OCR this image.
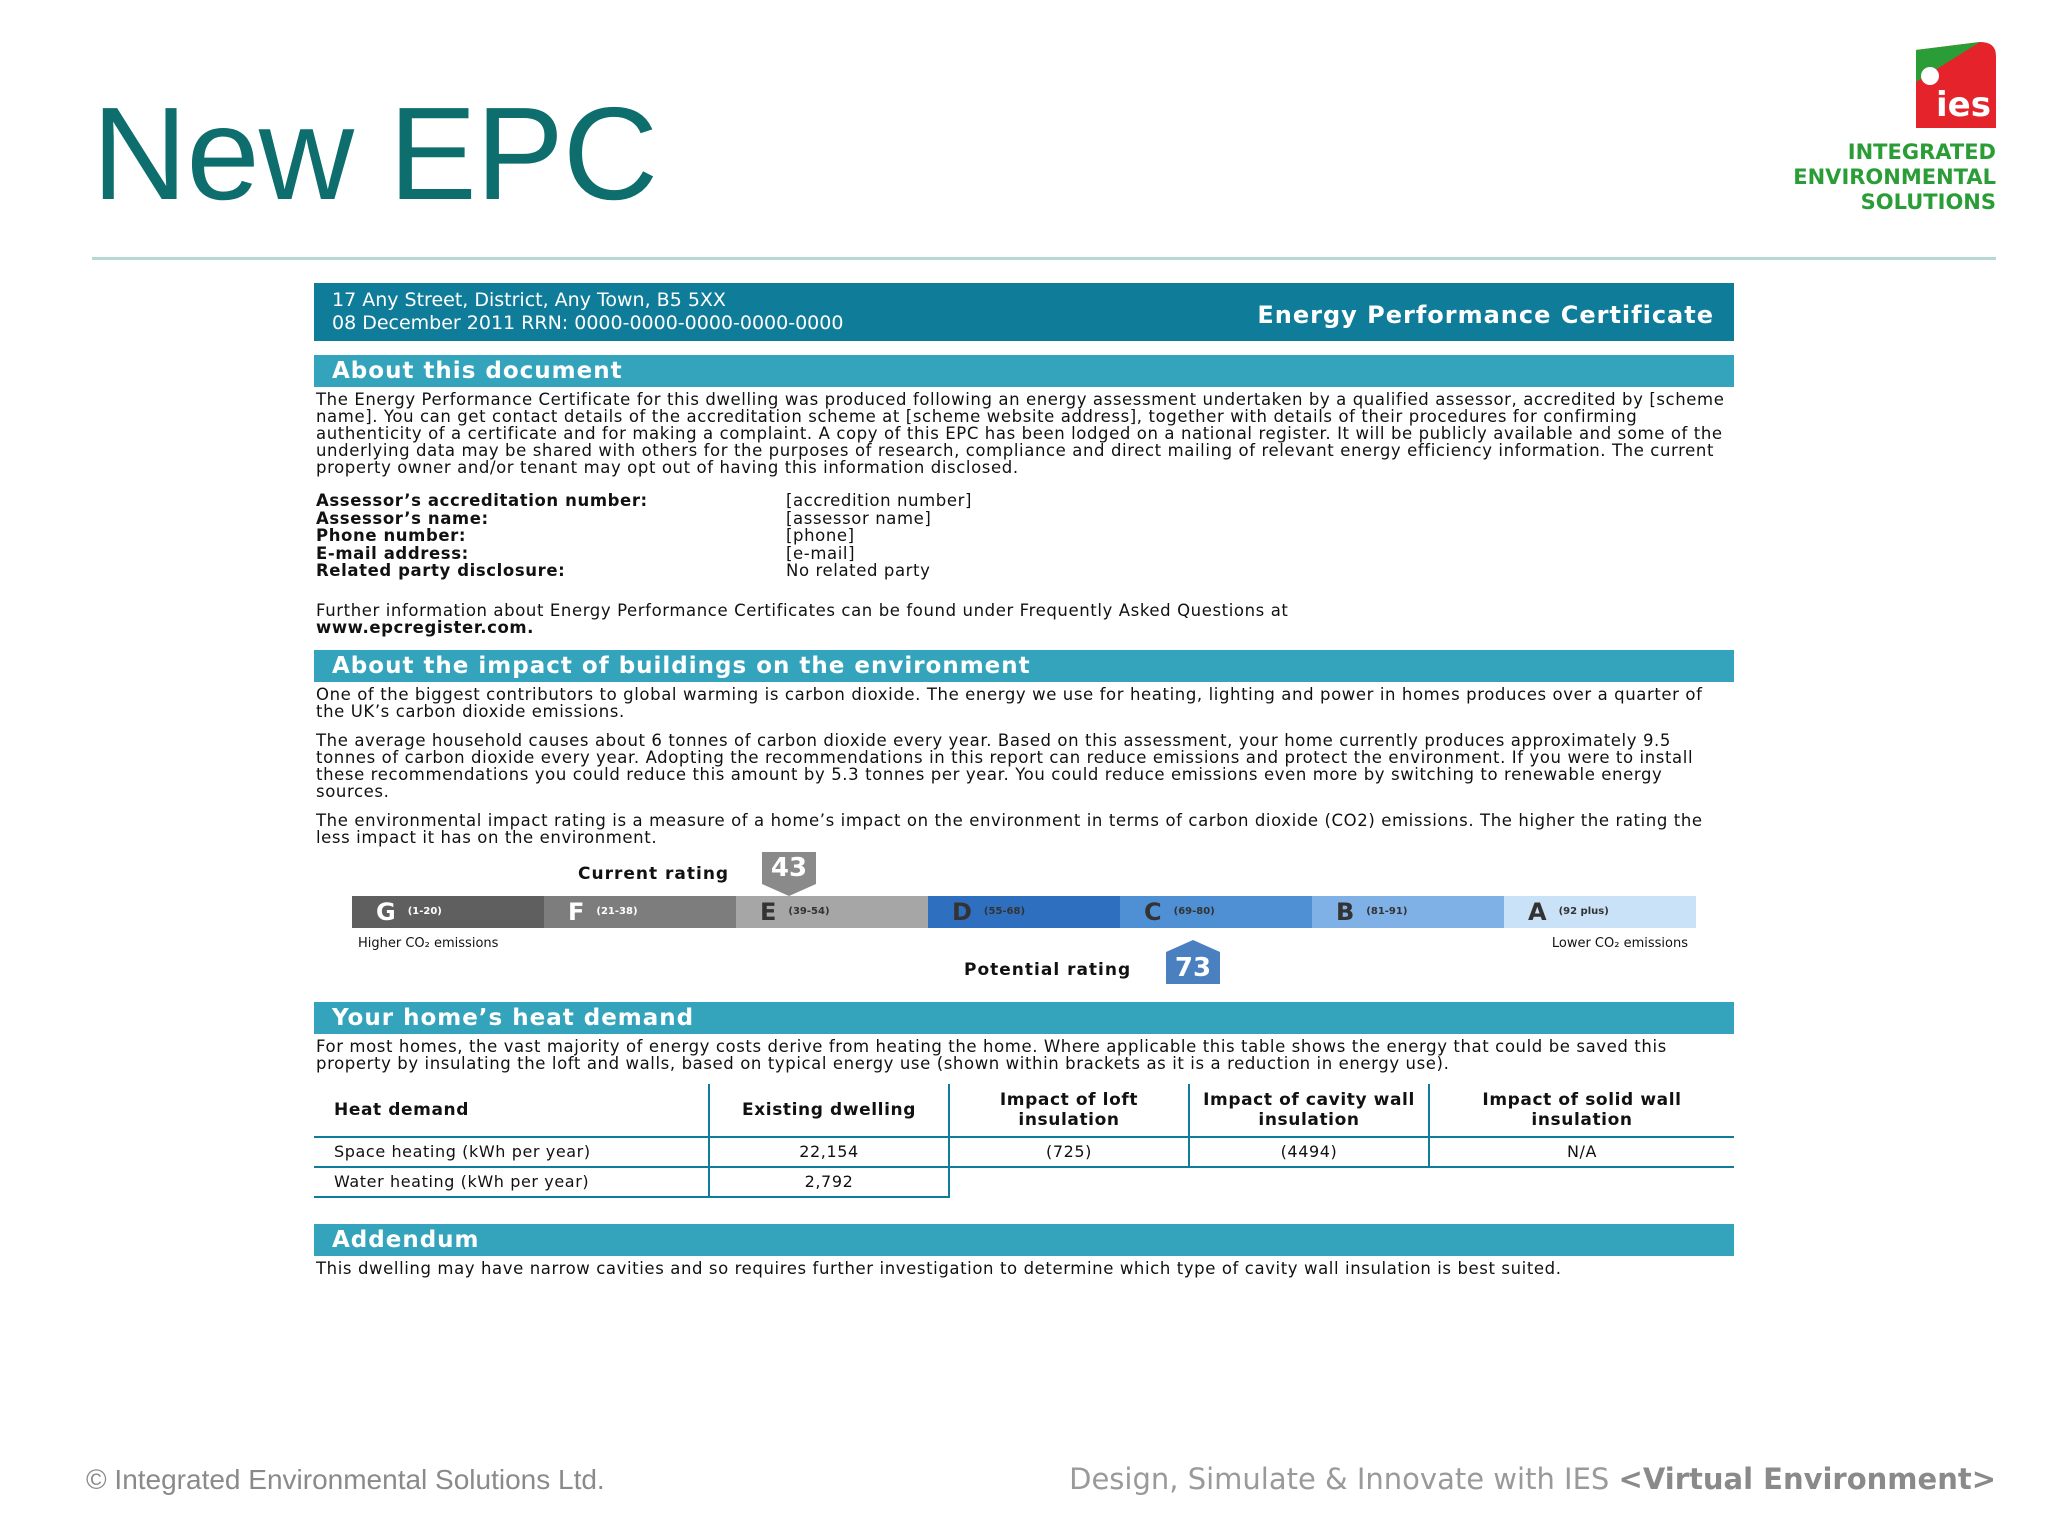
New EPC	ies
INTEGRATED
ENVIRONMENTAL
SOLUTIONS
17 Any Street, District, Any Town, B5 5XX
08 December 2011 RRN: 0000-0000-0000-0000-0000	Energy Performance Certificate
About this document
The Energy Performance Certificate for this dwelling was produced following an energy assessment undertaken by a qualified assessor, accredited by [scheme name]. You can get contact details of the accreditation scheme at [scheme website address], together with details of their procedures for confirming authenticity of a certificate and for making a complaint. A copy of this EPC has been lodged on a national register. It will be publicly available and some of the underlying data may be shared with others for the purposes of research, compliance and direct mailing of relevant energy efficiency information. The current property owner and/or tenant may opt out of having this information disclosed.
Assessor’s accreditation number:	[accredition number]
Assessor’s name:	[assessor name]
Phone number:	[phone]
E-mail address:	[e-mail]
Related party disclosure:	No related party
Further information about Energy Performance Certificates can be found under Frequently Asked Questions at
www.epcregister.com.
About the impact of buildings on the environment
One of the biggest contributors to global warming is carbon dioxide. The energy we use for heating, lighting and power in homes produces over a quarter of the UK’s carbon dioxide emissions.
The average household causes about 6 tonnes of carbon dioxide every year. Based on this assessment, your home currently produces approximately 9.5 tonnes of carbon dioxide every year. Adopting the recommendations in this report can reduce emissions and protect the environment. If you were to install these recommendations you could reduce this amount by 5.3 tonnes per year. You could reduce emissions even more by switching to renewable energy sources.
The environmental impact rating is a measure of a home’s impact on the environment in terms of carbon dioxide (CO2) emissions. The higher the rating the less impact it has on the environment.
Current rating	43
G (1-20)	F (21-38)	E (39-54)	D (55-68)	C (69-80)	B (81-91)	A (92 plus)
Higher CO₂ emissions	Lower CO₂ emissions
Potential rating	73
Your home’s heat demand
For most homes, the vast majority of energy costs derive from heating the home. Where applicable this table shows the energy that could be saved this property by insulating the loft and walls, based on typical energy use (shown within brackets as it is a reduction in energy use).
Heat demand	Existing dwelling	Impact of loft insulation	Impact of cavity wall insulation	Impact of solid wall insulation
Space heating (kWh per year)	22,154	(725)	(4494)	N/A
Water heating (kWh per year)	2,792			
Addendum
This dwelling may have narrow cavities and so requires further investigation to determine which type of cavity wall insulation is best suited.
© Integrated Environmental Solutions Ltd.	Design, Simulate & Innovate with IES <Virtual Environment>
